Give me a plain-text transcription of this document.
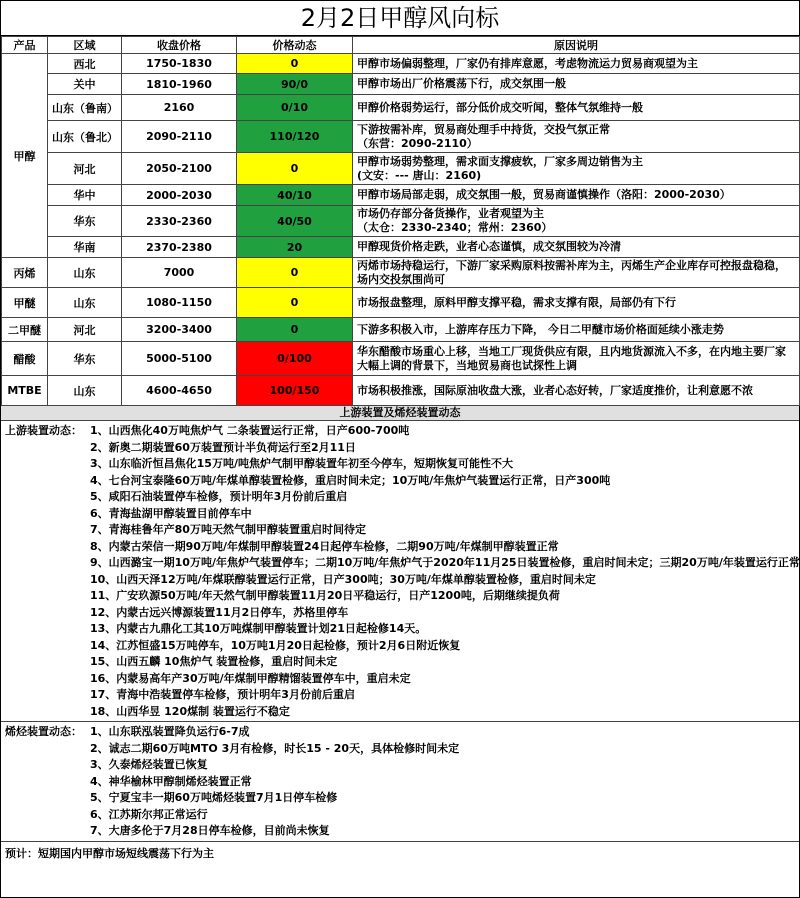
2月2日甲醇风向标
产品	区域	收盘价格	价格动态	原因说明
甲醇	西北	1750-1830	0	甲醇市场偏弱整理，厂家仍有排库意愿，考虑物流运力贸易商观望为主

	关中	1810-1960	90/0	甲醇市场出厂价格震荡下行，成交氛围一般

	山东（鲁南）	2160	0/10	甲醇价格弱势运行，部分低价成交听闻，整体气氛维持一般

	山东（鲁北）	2090-2110	110/120	下游按需补库，贸易商处理手中持货，交投气氛正常
（东营：2090-2110）

	河北	2050-2100	0	甲醇市场弱势整理，需求面支撑疲软，厂家多周边销售为主
(文安：--- 唐山：2160)

	华中	2000-2030	40/10	甲醇市场局部走弱，成交氛围一般，贸易商谨慎操作（洛阳：2000-2030）

	华东	2330-2360	40/50	市场仍存部分备货操作，业者观望为主
（太仓：2330-2340；常州：2360）

	华南	2370-2380	20	甲醇现货价格走跌，业者心态谨慎，成交氛围较为冷清

丙烯	山东	7000	0	丙烯市场持稳运行，下游厂家采购原料按需补库为主，丙烯生产企业库存可控报盘稳稳，场内交投氛围尚可

甲醚	山东	1080-1150	0	市场报盘整理，原料甲醇支撑平稳，需求支撑有限，局部仍有下行

二甲醚	河北	3200-3400	0	下游多积极入市，上游库存压力下降， 今日二甲醚市场价格面延续小涨走势

醋酸	华东	5000-5100	0/100	华东醋酸市场重心上移，当地工厂现货供应有限，且内地货源流入不多，在内地主要厂家大幅上调的背景下，当地贸易商也试探性上调

MTBE	山东	4600-4650	100/150	市场积极推涨，国际原油收盘大涨，业者心态好转，厂家适度推价，让利意愿不浓
上游装置及烯烃装置动态
上游装置动态： 1、山西焦化40万吨焦炉气 二条装置运行正常，日产600-700吨
2、新奥二期装置60万装置预计半负荷运行至2月11日
3、山东临沂恒昌焦化15万吨/吨焦炉气制甲醇装置年初至今停车，短期恢复可能性不大
4、七台河宝泰隆60万吨/年煤单醇装置检修，重启时间未定；10万吨/年焦炉气装置运行正常，日产300吨
5、咸阳石油装置停车检修，预计明年3月份前后重启
6、青海盐湖甲醇装置目前停车中
7、青海桂鲁年产80万吨天然气制甲醇装置重启时间待定
8、内蒙古荣信一期90万吨/年煤制甲醇装置24日起停车检修，二期90万吨/年煤制甲醇装置正常
9、山西潞宝一期10万吨/年焦炉气装置停车；二期10万吨/年焦炉气于2020年11月25日装置检修，重启时间未定；三期20万吨/年装置运行正常
10、山西天泽12万吨/年煤联醇装置运行正常，日产300吨；30万吨/年煤单醇装置检修，重启时间未定
11、广安玖源50万吨/年天然气制甲醇装置11月20日平稳运行，日产1200吨，后期继续提负荷
12、内蒙古远兴博源装置11月2日停车，苏格里停车
13、内蒙古九鼎化工其10万吨煤制甲醇装置计划21日起检修14天。
14、江苏恒盛15万吨停车，10万吨1月20日起检修，预计2月6日附近恢复
15、山西五麟 10焦炉气 装置检修，重启时间未定
16、内蒙易高年产30万吨/年煤制甲醇精馏装置停车中，重启未定
17、青海中浩装置停车检修，预计明年3月份前后重启
18、山西华昱 120煤制 装置运行不稳定
烯烃装置动态： 1、山东联泓装置降负运行6-7成
2、诚志二期60万吨MTO 3月有检修，时长15 - 20天，具体检修时间未定
3、久泰烯烃装置已恢复
4、神华榆林甲醇制烯烃装置正常
5、宁夏宝丰一期60万吨烯烃装置7月1日停车检修
6、江苏斯尔邦正常运行
7、大唐多伦于7月28日停车检修，目前尚未恢复
预计：短期国内甲醇市场短线震荡下行为主
